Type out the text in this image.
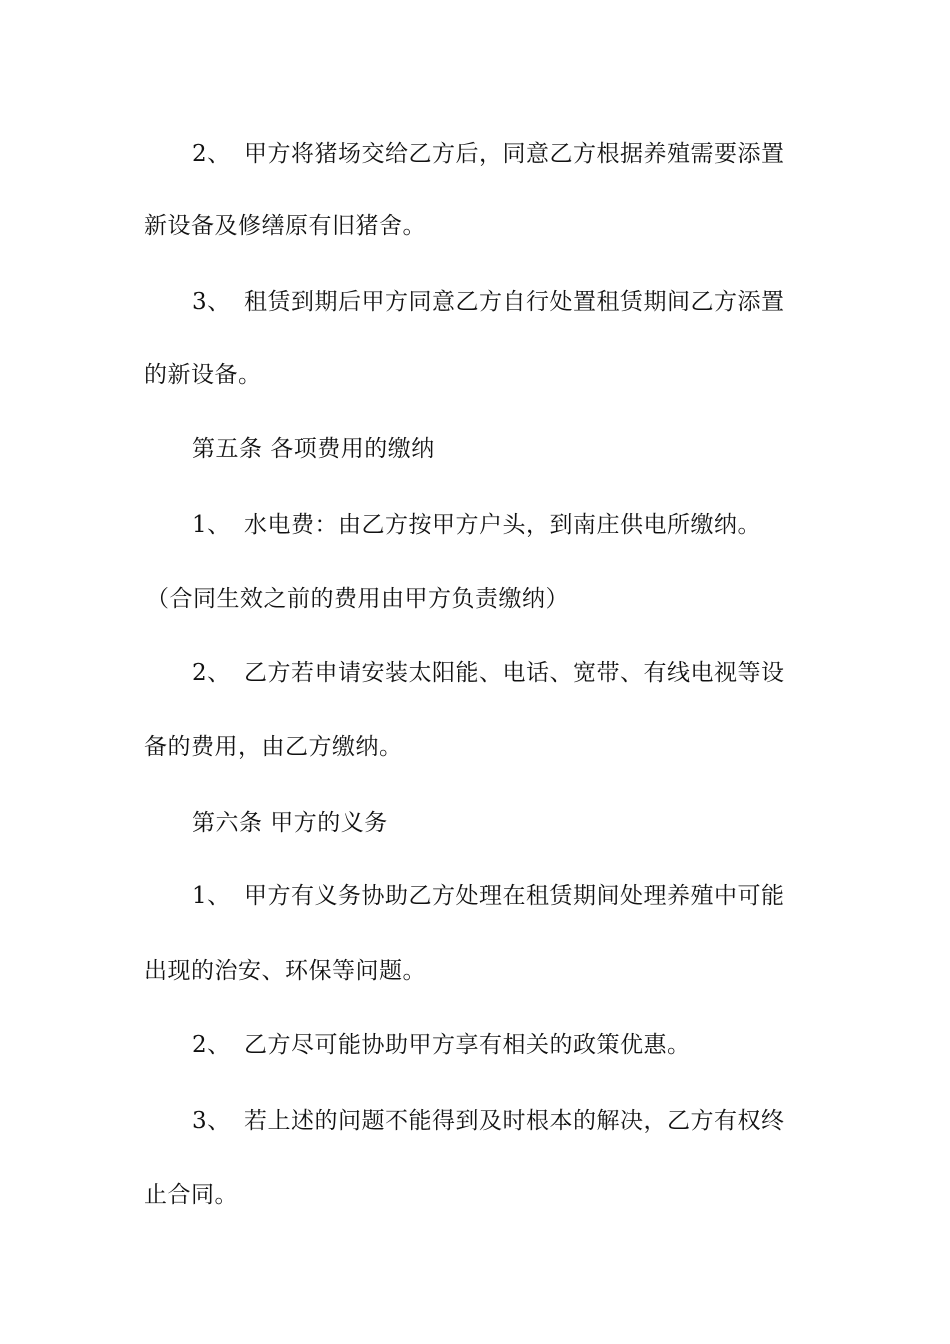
2、 甲方将猪场交给乙方后，同意乙方根据养殖需要添置
新设备及修缮原有旧猪舍。
3、 租赁到期后甲方同意乙方自行处置租赁期间乙方添置
的新设备。
第五条 各项费用的缴纳
1、 水电费：由乙方按甲方户头，到南庄供电所缴纳。
（合同生效之前的费用由甲方负责缴纳）
2、 乙方若申请安装太阳能、电话、宽带、有线电视等设
备的费用，由乙方缴纳。
第六条 甲方的义务
1、 甲方有义务协助乙方处理在租赁期间处理养殖中可能
出现的治安、环保等问题。
2、 乙方尽可能协助甲方享有相关的政策优惠。
3、 若上述的问题不能得到及时根本的解决，乙方有权终
止合同。
